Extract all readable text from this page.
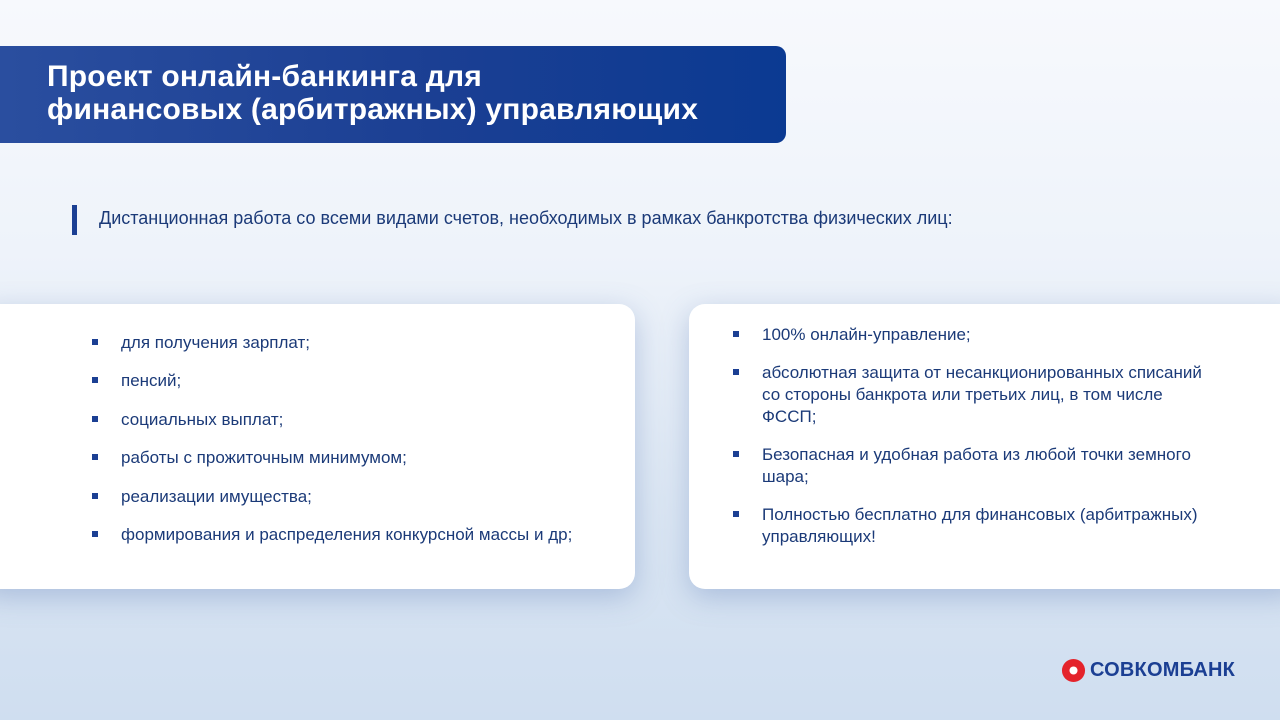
Проект онлайн-банкинга для
финансовых (арбитражных) управляющих
Дистанционная работа со всеми видами счетов, необходимых в рамках банкротства физических лиц:
для получения зарплат;
пенсий;
социальных выплат;
работы с прожиточным минимумом;
реализации имущества;
формирования и распределения конкурсной массы и др;
100% онлайн-управление;
абсолютная защита от несанкционированных списаний со стороны банкрота или третьих лиц, в том числе ФССП;
Безопасная и удобная работа из любой точки земного шара;
Полностью бесплатно для финансовых (арбитражных) управляющих!
СОВКОМБАНК
